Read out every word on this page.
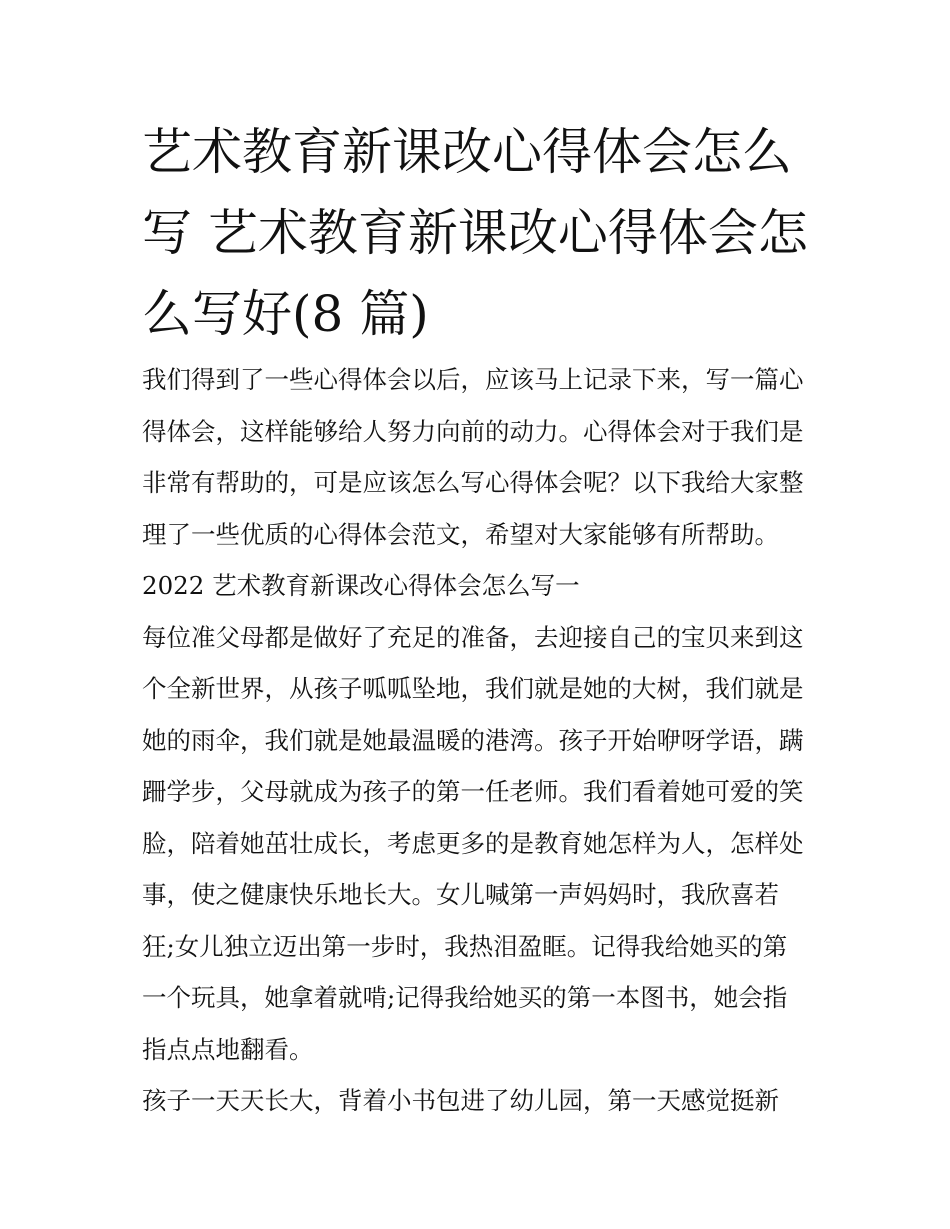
艺术教育新课改心得体会怎么
写 艺术教育新课改心得体会怎
么写好(8 篇)
我们得到了一些心得体会以后，应该马上记录下来，写一篇心
得体会，这样能够给人努力向前的动力。心得体会对于我们是
非常有帮助的，可是应该怎么写心得体会呢？以下我给大家整
理了一些优质的心得体会范文，希望对大家能够有所帮助。
2022 艺术教育新课改心得体会怎么写一
每位准父母都是做好了充足的准备，去迎接自己的宝贝来到这
个全新世界，从孩子呱呱坠地，我们就是她的大树，我们就是
她的雨伞，我们就是她最温暖的港湾。孩子开始咿呀学语，蹒
跚学步，父母就成为孩子的第一任老师。我们看着她可爱的笑
脸，陪着她茁壮成长，考虑更多的是教育她怎样为人，怎样处
事，使之健康快乐地长大。女儿喊第一声妈妈时，我欣喜若
狂;女儿独立迈出第一步时，我热泪盈眶。记得我给她买的第
一个玩具，她拿着就啃;记得我给她买的第一本图书，她会指
指点点地翻看。
孩子一天天长大，背着小书包进了幼儿园，第一天感觉挺新
